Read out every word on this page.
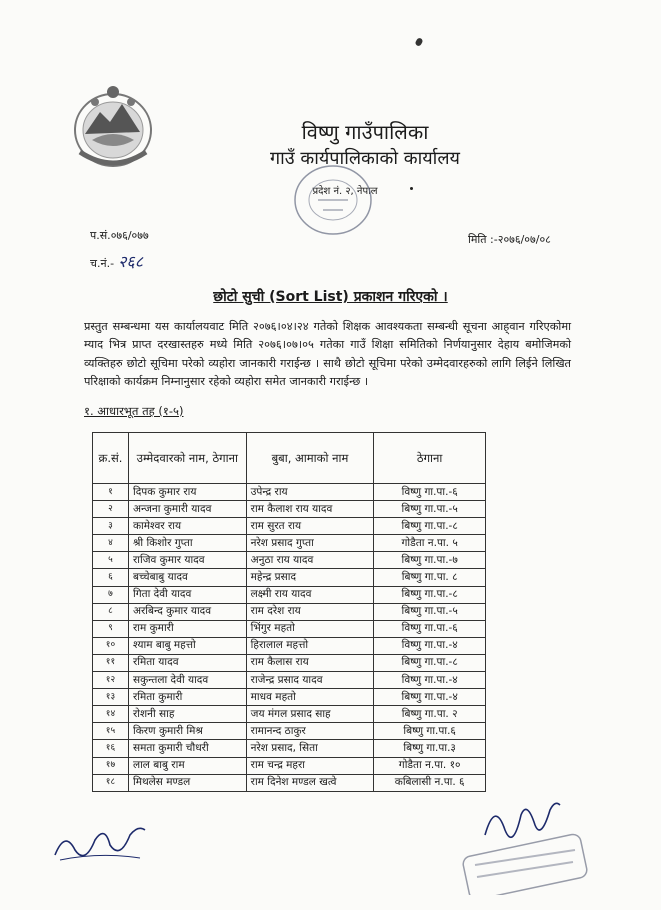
विष्णु गाउँपालिका
गाउँ कार्यपालिकाको कार्यालय
प्रदेश नं. २, नेपाल
प.सं.०७६/०७७
च.नं.- २६८
मिति :-२०७६/०७/०८
छोटो सुची (Sort List) प्रकाशन गरिएको ।
प्रस्तुत सम्बन्धमा यस कार्यालयवाट मिति २०७६।०४।२४ गतेको शिक्षक आवश्यकता सम्बन्धी सूचना आह्‌वान गरिएकोमा म्याद भित्र प्राप्त दरखास्तहरु मध्ये मिति २०७६।०७।०५ गतेका गाउँ शिक्षा समितिको निर्णयानुसार देहाय बमोजिमको व्यक्तिहरु छोटो सूचिमा परेको व्यहोरा जानकारी गराईन्छ । साथै छोटो सूचिमा परेको उम्मेदवारहरुको लागि लिईने लिखित परिक्षाको कार्यक्रम निम्नानुसार रहेको व्यहोरा समेत जानकारी गराईन्छ ।
१. आधारभूत तह (१-५)
क्र.सं.	उम्मेदवारको नाम, ठेगाना	बुबा, आमाको नाम	ठेगाना
१	दिपक कुमार राय	उपेन्द्र राय	विष्णु गा.पा.-६
२	अन्जना कुमारी यादव	राम कैलाश राय यादव	बिष्णु गा.पा.-५
३	कामेश्वर राय	राम सुरत राय	बिष्णु गा.पा.-८
४	श्री किशोर गुप्ता	नरेश प्रसाद गुप्ता	गोडैता न.पा. ५
५	राजिव कुमार यादव	अनुठा राय यादव	बिष्णु गा.पा.-७
६	बच्चेबाबु यादव	महेन्द्र प्रसाद	बिष्णु गा.पा. ८
७	गिता देवी यादव	लक्ष्मी राय यादव	बिष्णु गा.पा.-८
८	अरबिन्द कुमार यादव	राम दरेश राय	बिष्णु गा.पा.-५
९	राम कुमारी	भिंगुर महतो	विष्णु गा.पा.-६
१०	श्याम बाबु महत्तो	हिरालाल महत्तो	विष्णु गा.पा.-४
११	रमिता यादव	राम कैलास राय	बिष्णु गा.पा.-८
१२	सकुन्तला देवी यादव	राजेन्द्र प्रसाद यादव	विष्णु गा.पा.-४
१३	रमिता कुमारी	माधव महतो	बिष्णु गा.पा.-४
१४	रोशनी साह	जय मंगल प्रसाद साह	बिष्णु गा.पा. २
१५	किरण कुमारी मिश्र	रामानन्द ठाकुर	बिष्णु गा.पा.६
१६	समता कुमारी चौधरी	नरेश प्रसाद, सिता	बिष्णु गा.पा.३
१७	लाल बाबु राम	राम चन्द्र महरा	गोडैता न.पा. १०
१८	मिथलेस मण्डल	राम दिनेश मण्डल खत्वे	कबिलासी न.पा. ६
